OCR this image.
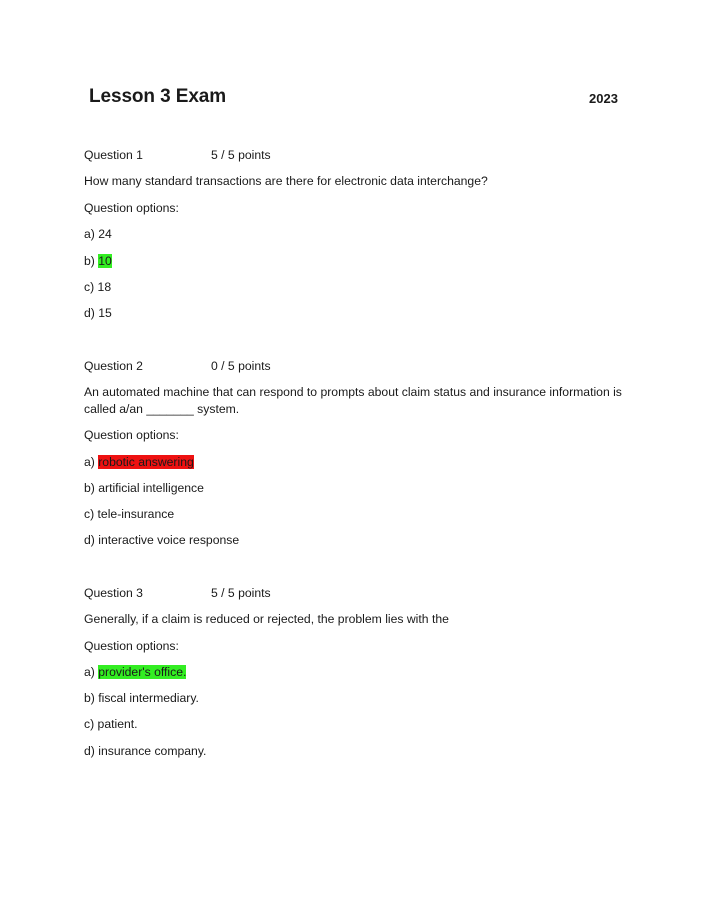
Lesson 3 Exam	2023
Question 1	5 / 5 points
How many standard transactions are there for electronic data interchange?
Question options:
a) 24
b) 10
c) 18
d) 15
Question 2	0 / 5 points
An automated machine that can respond to prompts about claim status and insurance information is called a/an _______ system.
Question options:
a) robotic answering
b) artificial intelligence
c) tele-insurance
d) interactive voice response
Question 3	5 / 5 points
Generally, if a claim is reduced or rejected, the problem lies with the
Question options:
a) provider's office.
b) fiscal intermediary.
c) patient.
d) insurance company.
